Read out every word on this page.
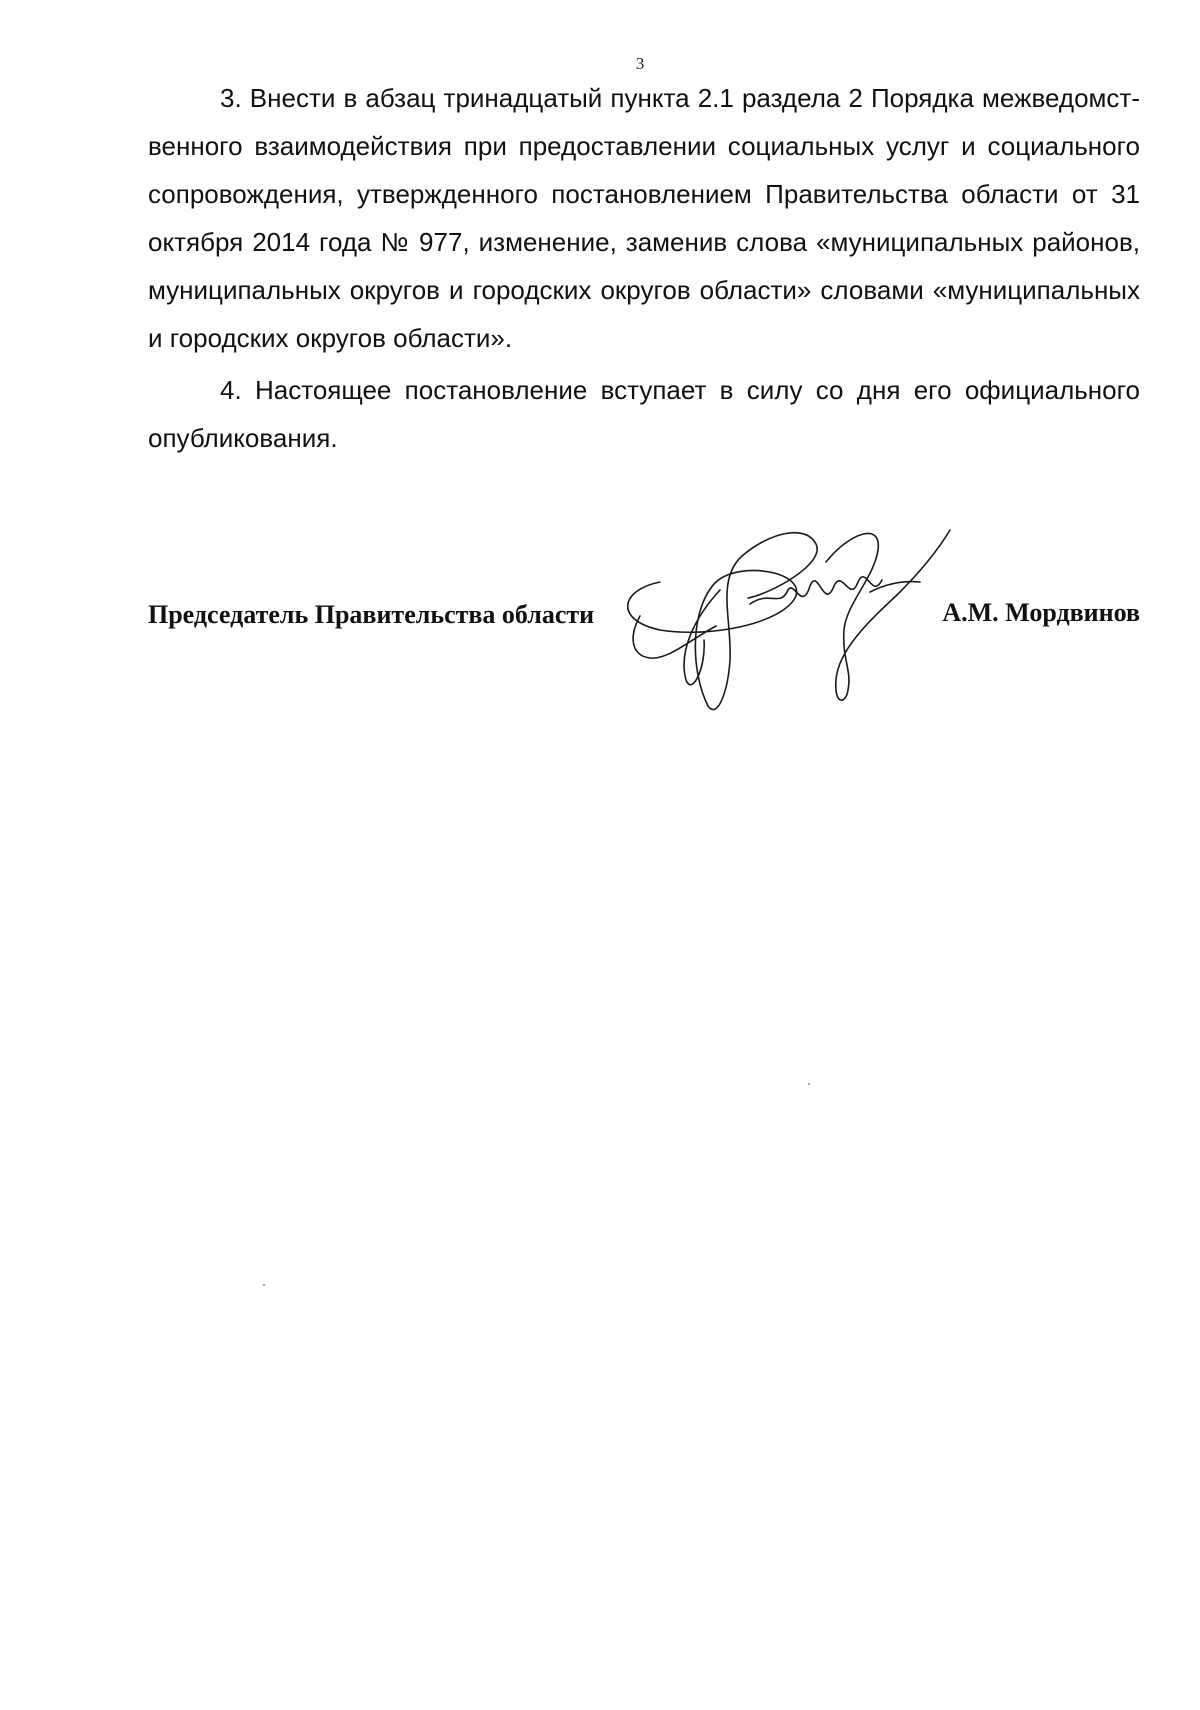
3

3. Внести в абзац тринадцатый пункта 2.1 раздела 2 Порядка межведомственного взаимодействия при предоставлении социальных услуг и социального сопровождения, утвержденного постановлением Правительства области от 31 октября 2014 года № 977, изменение, заменив слова «муниципальных районов, муниципальных округов и городских округов области» словами «муниципальных и городских округов области».

4. Настоящее постановление вступает в силу со дня его официального опубликования.

Председатель Правительства области	А.М. Мордвинов
